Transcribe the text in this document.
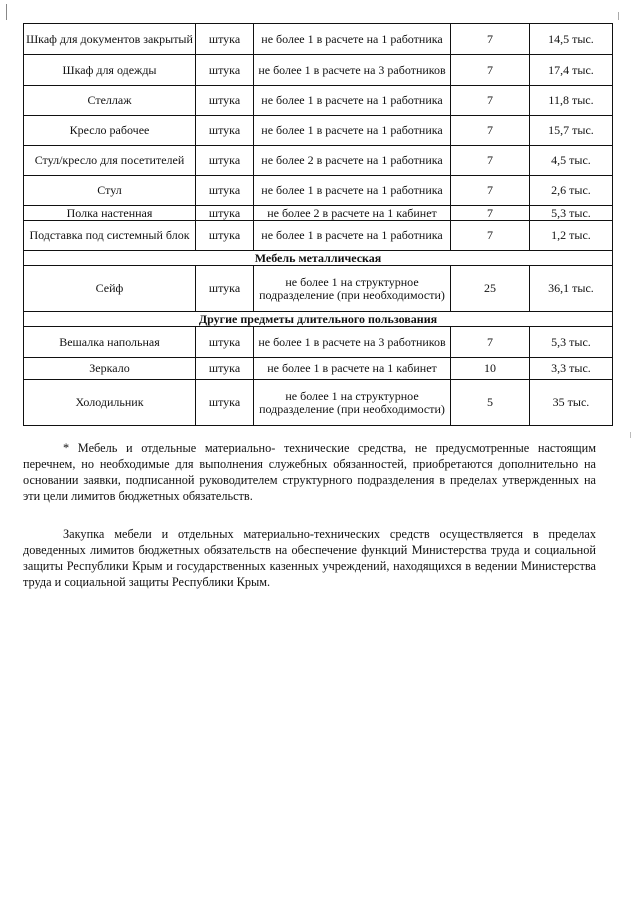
Шкаф для документов закрытый	штука	не более 1 в расчете на 1 работника	7	14,5 тыс.
Шкаф для одежды	штука	не более 1 в расчете на 3 работников	7	17,4 тыс.
Стеллаж	штука	не более 1 в расчете на 1 работника	7	11,8 тыс.
Кресло рабочее	штука	не более 1 в расчете на 1 работника	7	15,7 тыс.
Стул/кресло для посетителей	штука	не более 2 в расчете на 1 работника	7	4,5 тыс.
Стул	штука	не более 1 в расчете на 1 работника	7	2,6 тыс.
Полка настенная	штука	не более 2 в расчете на 1 кабинет	7	5,3 тыс.
Подставка под системный блок	штука	не более 1 в расчете на 1 работника	7	1,2 тыс.
Мебель металлическая				
Сейф	штука	не более 1 на структурное подразделение (при необходимости)	25	36,1 тыс.
Другие предметы длительного пользования				
Вешалка напольная	штука	не более 1 в расчете на 3 работников	7	5,3 тыс.
Зеркало	штука	не более 1 в расчете на 1 кабинет	10	3,3 тыс.
Холодильник	штука	не более 1 на структурное подразделение (при необходимости)	5	35 тыс.

* Мебель и отдельные материально- технические средства, не предусмотренные настоящим перечнем, но необходимые для выполнения служебных обязанностей, приобретаются дополнительно на основании заявки, подписанной руководителем структурного подразделения в пределах утвержденных на эти цели лимитов бюджетных обязательств.

Закупка мебели и отдельных материально-технических средств осуществляется в пределах доведенных лимитов бюджетных обязательств на обеспечение функций Министерства труда и социальной защиты Республики Крым и государственных казенных учреждений, находящихся в ведении Министерства труда и социальной защиты Республики Крым.
